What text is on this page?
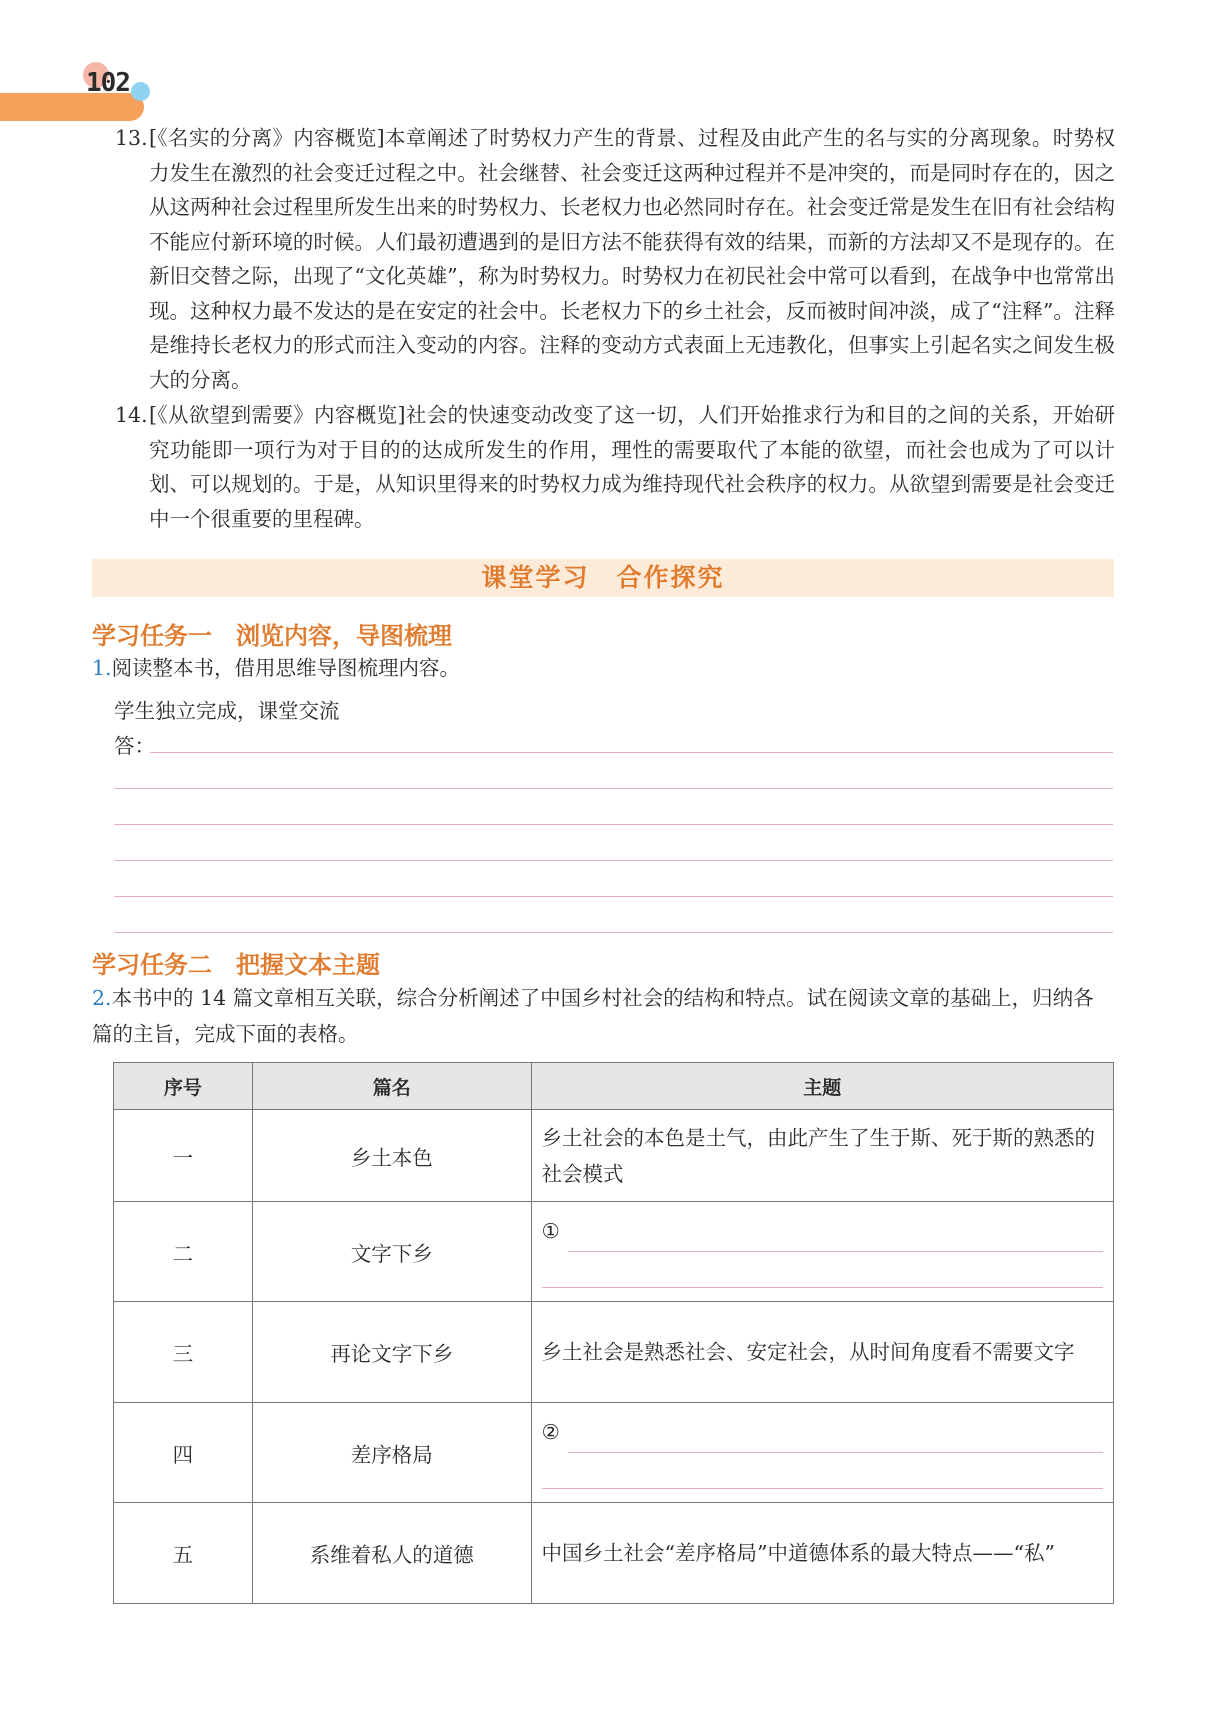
102
13. [《名实的分离》内容概览]本章阐述了时势权力产生的背景、过程及由此产生的名与实的分离现象。时势权力发生在激烈的社会变迁过程之中。社会继替、社会变迁这两种过程并不是冲突的，而是同时存在的，因之从这两种社会过程里所发生出来的时势权力、长老权力也必然同时存在。社会变迁常是发生在旧有社会结构不能应付新环境的时候。人们最初遭遇到的是旧方法不能获得有效的结果，而新的方法却又不是现存的。在新旧交替之际，出现了“文化英雄”，称为时势权力。时势权力在初民社会中常可以看到，在战争中也常常出现。这种权力最不发达的是在安定的社会中。长老权力下的乡土社会，反而被时间冲淡，成了“注释”。注释是维持长老权力的形式而注入变动的内容。注释的变动方式表面上无违教化，但事实上引起名实之间发生极大的分离。
14. [《从欲望到需要》内容概览]社会的快速变动改变了这一切，人们开始推求行为和目的之间的关系，开始研究功能即一项行为对于目的的达成所发生的作用，理性的需要取代了本能的欲望，而社会也成为了可以计划、可以规划的。于是，从知识里得来的时势权力成为维持现代社会秩序的权力。从欲望到需要是社会变迁中一个很重要的里程碑。
课堂学习　合作探究
学习任务一　浏览内容，导图梳理
1.阅读整本书，借用思维导图梳理内容。
学生独立完成，课堂交流
答：
学习任务二　把握文本主题
2.本书中的 14 篇文章相互关联，综合分析阐述了中国乡村社会的结构和特点。试在阅读文章的基础上，归纳各篇的主旨，完成下面的表格。
序号	篇名	主题
一	乡土本色	乡土社会的本色是土气，由此产生了生于斯、死于斯的熟悉的社会模式
二	文字下乡	①

三	再论文字下乡	乡土社会是熟悉社会、安定社会，从时间角度看不需要文字
四	差序格局	②

五	系维着私人的道德	中国乡土社会“差序格局”中道德体系的最大特点——“私”
